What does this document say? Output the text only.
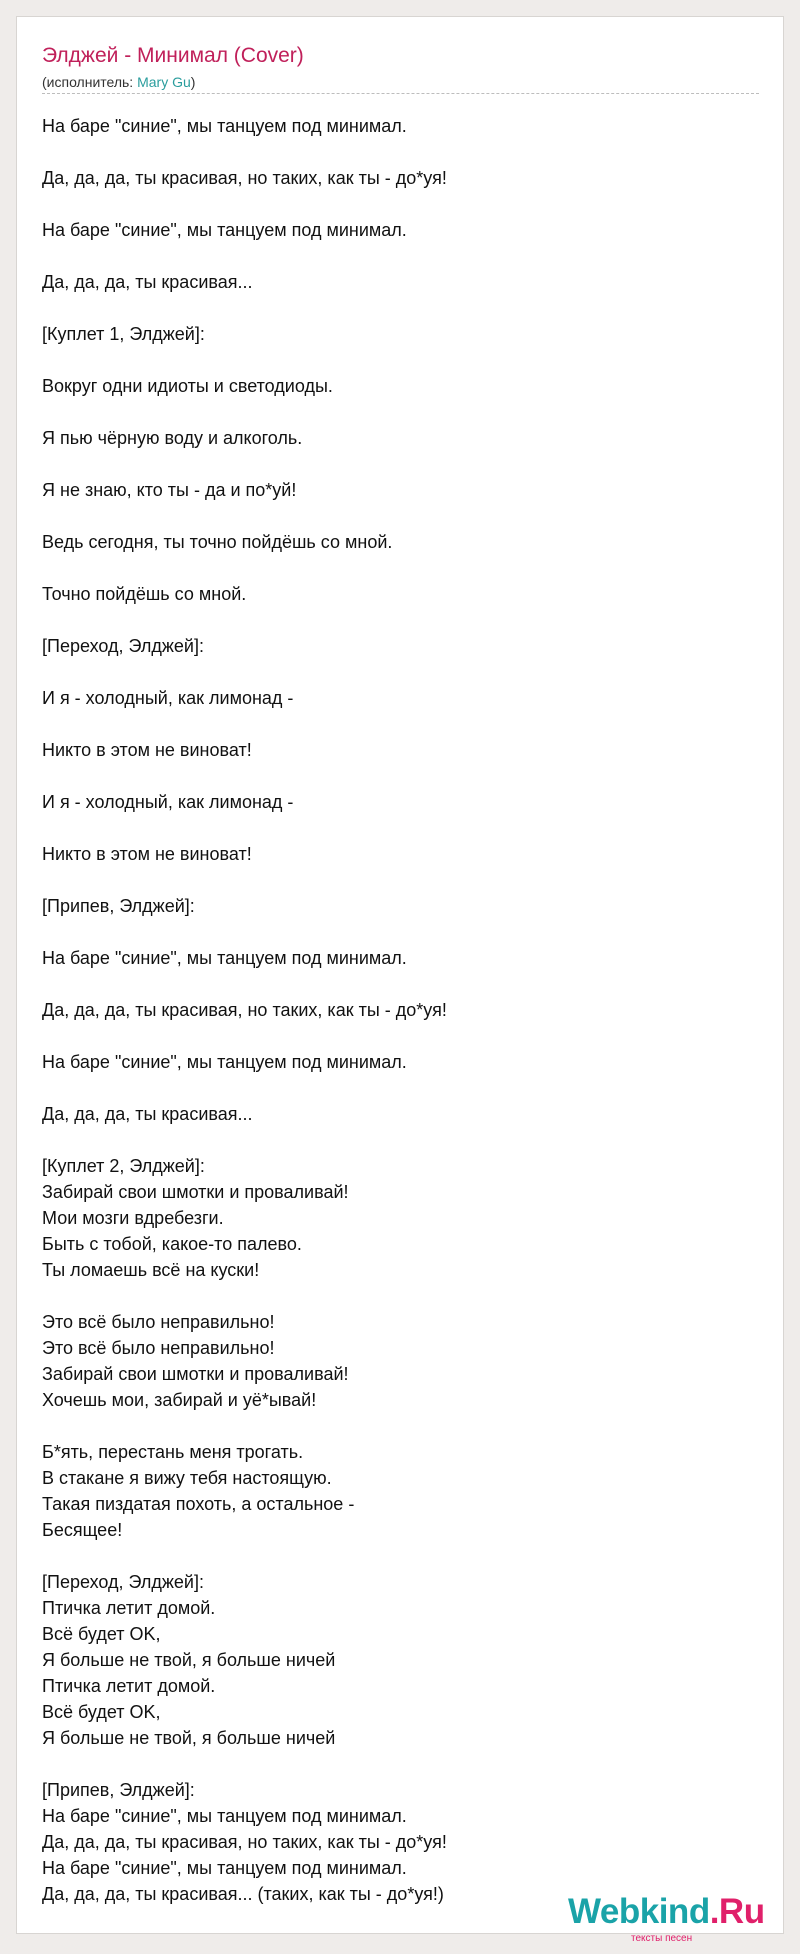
Элджей - Минимал (Cover)
(исполнитель: Mary Gu)
На баре "синие", мы танцуем под минимал.
Да, да, да, ты красивая, но таких, как ты - до*уя!
На баре "синие", мы танцуем под минимал.
Да, да, да, ты красивая...
[Куплет 1, Элджей]:
Вокруг одни идиоты и светодиоды.
Я пью чёрную воду и алкоголь.
Я не знаю, кто ты - да и по*уй!
Ведь сегодня, ты точно пойдёшь со мной.
Точно пойдёшь со мной.
[Переход, Элджей]:
И я - холодный, как лимонад -
Никто в этом не виноват!
И я - холодный, как лимонад -
Никто в этом не виноват!
[Припев, Элджей]:
На баре "синие", мы танцуем под минимал.
Да, да, да, ты красивая, но таких, как ты - до*уя!
На баре "синие", мы танцуем под минимал.
Да, да, да, ты красивая...
[Куплет 2, Элджей]:
Забирай свои шмотки и проваливай!
Мои мозги вдребезги.
Быть с тобой, какое-то палево.
Ты ломаешь всё на куски!
Это всё было неправильно!
Это всё было неправильно!
Забирай свои шмотки и проваливай!
Хочешь мои, забирай и уё*ывай!
Б*ять, перестань меня трогать.
В стакане я вижу тебя настоящую.
Такая пиздатая похоть, а остальное -
Бесящее!
[Переход, Элджей]:
Птичка летит домой.
Всё будет OK,
Я больше не твой, я больше ничей
Птичка летит домой.
Всё будет OK,
Я больше не твой, я больше ничей
[Припев, Элджей]:
На баре "синие", мы танцуем под минимал.
Да, да, да, ты красивая, но таких, как ты - до*уя!
На баре "синие", мы танцуем под минимал.
Да, да, да, ты красивая... (таких, как ты - до*уя!)	Webkind.Ru
тексты песен
